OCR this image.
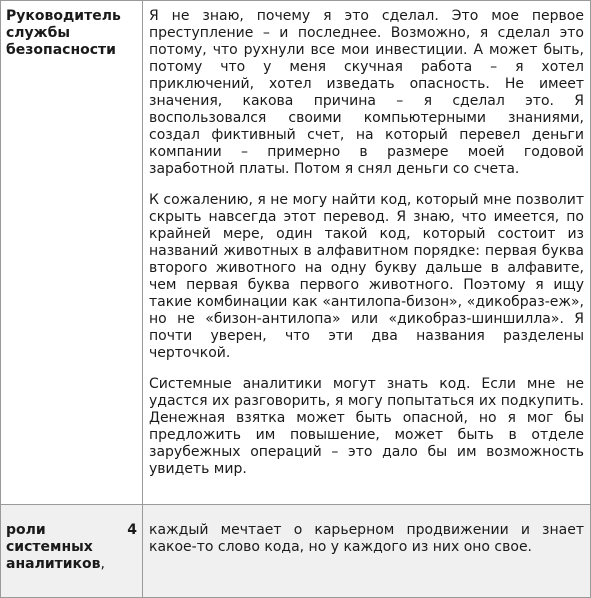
Руководитель службы безопасности	Я не знаю, почему я это сделал. Это мое первое преступление – и последнее. Возможно, я сделал это потому, что рухнули все мои инвестиции. А может быть, потому что у меня скучная работа – я хотел приключений, хотел изведать опасность. Не имеет значения, какова причина – я сделал это. Я воспользовался своими компьютерными знаниями, создал фиктивный счет, на который перевел деньги компании – примерно в размере моей годовой заработной платы. Потом я снял деньги со счета.

К сожалению, я не могу найти код, который мне позволит скрыть навсегда этот перевод. Я знаю, что имеется, по крайней мере, один такой код, который состоит из названий животных в алфавитном порядке: первая буква второго животного на одну букву дальше в алфавите, чем первая буква первого животного. Поэтому я ищу такие комбинации как «антилопа-бизон», «дикобраз-еж», но не «бизон-антилопа» или «дикобраз-шиншилла». Я почти уверен, что эти два названия разделены черточкой.

Системные аналитики могут знать код. Если мне не удастся их разговорить, я могу попытаться их подкупить. Денежная взятка может быть опасной, но я мог бы предложить им повышение, может быть в отделе зарубежных операций – это дало бы им возможность увидеть мир.

роли 4
системных
аналитиков,	каждый мечтает о карьерном продвижении и знает какое-то слово кода, но у каждого из них оно свое.
